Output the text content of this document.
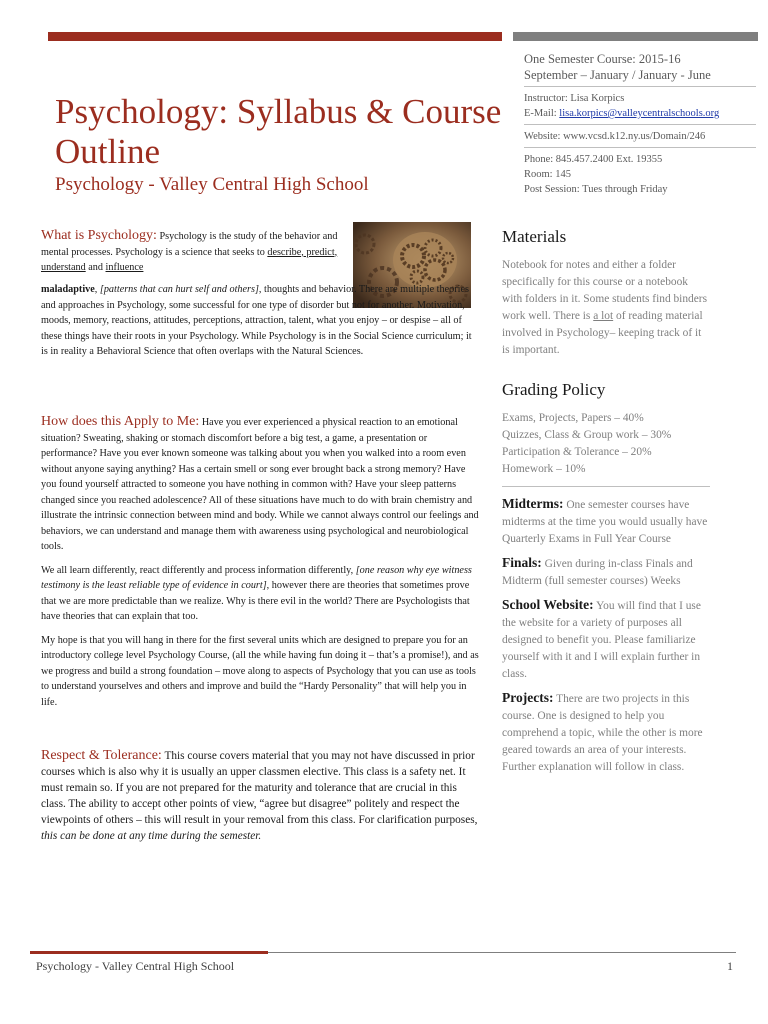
Psychology: Syllabus & Course Outline
Psychology - Valley Central High School
One Semester Course: 2015-16
September – January / January - June
Instructor: Lisa Korpics
E-Mail: lisa.korpics@valleycentralschools.org
Website: www.vcsd.k12.ny.us/Domain/246
Phone: 845.457.2400 Ext. 19355
Room: 145
Post Session: Tues through Friday

What is Psychology: Psychology is the study of the behavior and mental processes. Psychology is a science that seeks to describe, predict, understand and influence

maladaptive, [patterns that can hurt self and others], thoughts and behavior. There are multiple theories and approaches in Psychology, some successful for one type of disorder but not for another. Motivation, moods, memory, reactions, attitudes, perceptions, attraction, talent, what you enjoy – or despise – all of these things have their roots in your Psychology. While Psychology is in the Social Science curriculum; it is in reality a Behavioral Science that often overlaps with the Natural Sciences.

How does this Apply to Me: Have you ever experienced a physical reaction to an emotional situation? Sweating, shaking or stomach discomfort before a big test, a game, a presentation or performance? Have you ever known someone was talking about you when you walked into a room even without anyone saying anything? Has a certain smell or song ever brought back a strong memory? Have you found yourself attracted to someone you have nothing in common with? Have your sleep patterns changed since you reached adolescence? All of these situations have much to do with brain chemistry and illustrate the intrinsic connection between mind and body. While we cannot always control our feelings and behaviors, we can understand and manage them with awareness using psychological and neurobiological tools.

We all learn differently, react differently and process information differently, [one reason why eye witness testimony is the least reliable type of evidence in court], however there are theories that sometimes prove that we are more predictable than we realize. Why is there evil in the world? There are Psychologists that have theories that can explain that too.

My hope is that you will hang in there for the first several units which are designed to prepare you for an introductory college level Psychology Course, (all the while having fun doing it – that’s a promise!), and as we progress and build a strong foundation – move along to aspects of Psychology that you can use as tools to understand yourselves and others and improve and build the “Hardy Personality” that will help you in life.

Respect & Tolerance: This course covers material that you may not have discussed in prior courses which is also why it is usually an upper classmen elective. This class is a safety net. It must remain so. If you are not prepared for the maturity and tolerance that are crucial in this class. The ability to accept other points of view, “agree but disagree” politely and respect the viewpoints of others – this will result in your removal from this class. For clarification purposes, this can be done at any time during the semester.
Materials

Notebook for notes and either a folder specifically for this course or a notebook with folders in it. Some students find binders work well. There is a lot of reading material involved in Psychology– keeping track of it is important.

Grading Policy
Exams, Projects, Papers – 40%
Quizzes, Class & Group work – 30%
Participation & Tolerance – 20%
Homework – 10%

Midterms: One semester courses have midterms at the time you would usually have Quarterly Exams in Full Year Course

Finals: Given during in-class Finals and Midterm (full semester courses) Weeks

School Website: You will find that I use the website for a variety of purposes all designed to benefit you. Please familiarize yourself with it and I will explain further in class.

Projects: There are two projects in this course. One is designed to help you comprehend a topic, while the other is more geared towards an area of your interests. Further explanation will follow in class.

Psychology - Valley Central High School	1
